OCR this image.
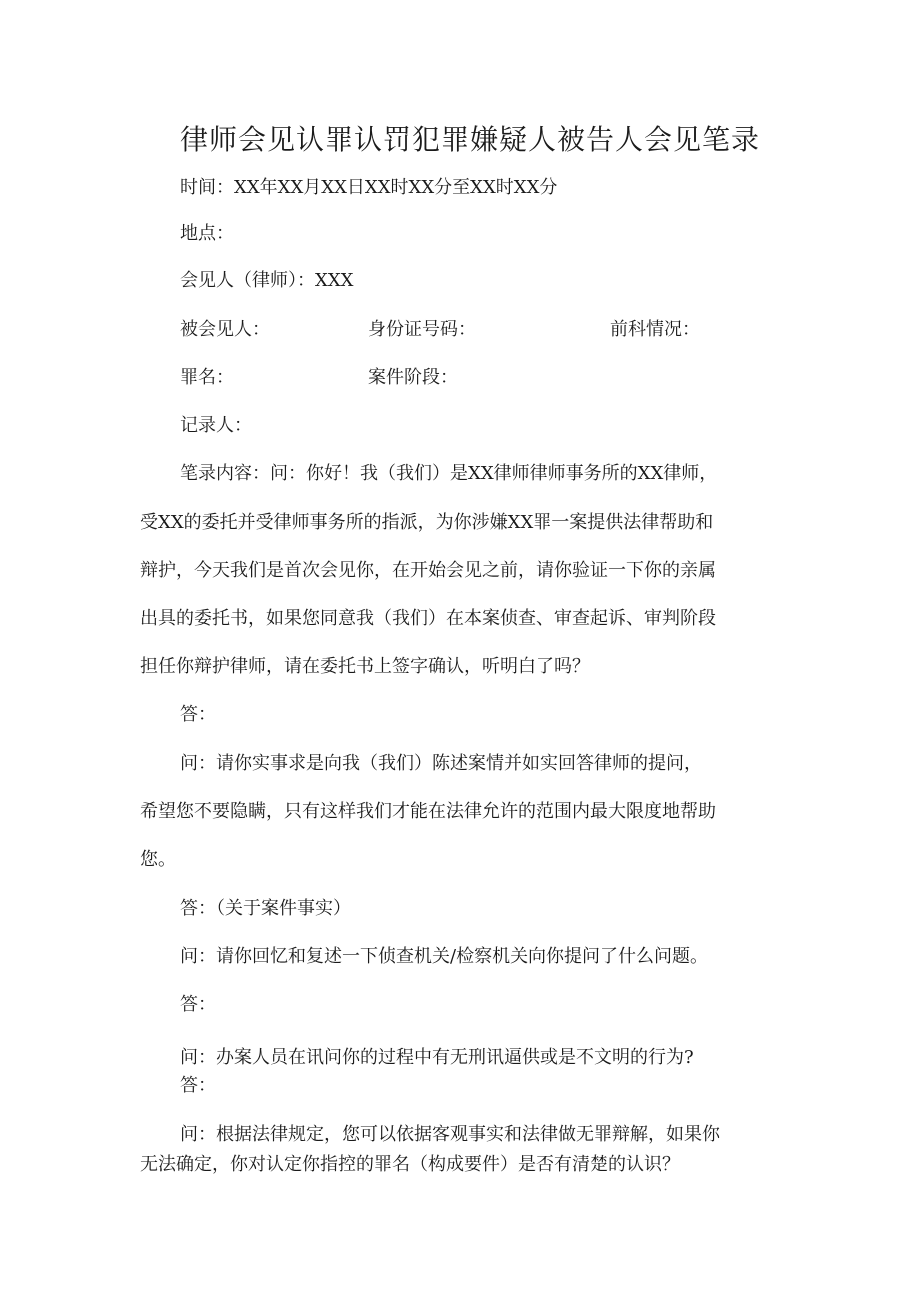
律师会见认罪认罚犯罪嫌疑人被告人会见笔录
时间：XX年XX月XX日XX时XX分至XX时XX分
地点：
会见人（律师）：XXX
被会见人：	身份证号码：	前科情况：
罪名：	案件阶段：
记录人：
笔录内容：问：你好！我（我们）是XX律师律师事务所的XX律师，
受XX的委托并受律师事务所的指派，为你涉嫌XX罪一案提供法律帮助和
辩护，今天我们是首次会见你，在开始会见之前，请你验证一下你的亲属
出具的委托书，如果您同意我（我们）在本案侦查、审查起诉、审判阶段
担任你辩护律师，请在委托书上签字确认，听明白了吗？
答：
问：请你实事求是向我（我们）陈述案情并如实回答律师的提问，
希望您不要隐瞒，只有这样我们才能在法律允许的范围内最大限度地帮助
您。
答：（关于案件事实）
问：请你回忆和复述一下侦查机关/检察机关向你提问了什么问题。
答：
问：办案人员在讯问你的过程中有无刑讯逼供或是不文明的行为?
答：
问：根据法律规定，您可以依据客观事实和法律做无罪辩解，如果你
无法确定，你对认定你指控的罪名（构成要件）是否有清楚的认识？
